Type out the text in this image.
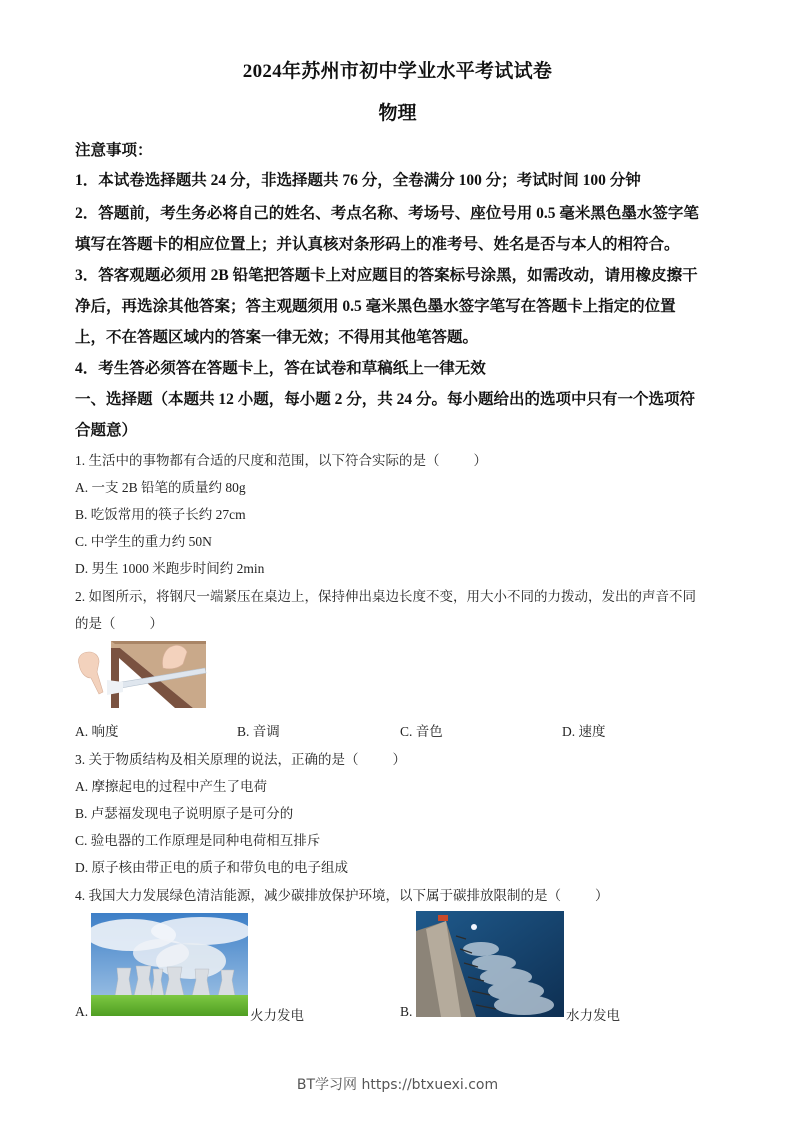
2024年苏州市初中学业水平考试试卷
物理
注意事项：
1．本试卷选择题共 24 分，非选择题共 76 分，全卷满分 100 分；考试时间 100 分钟
2．答题前，考生务必将自己的姓名、考点名称、考场号、座位号用 0.5 毫米黑色墨水签字笔
填写在答题卡的相应位置上；并认真核对条形码上的准考号、姓名是否与本人的相符合。
3．答客观题必须用 2B 铅笔把答题卡上对应题目的答案标号涂黑，如需改动，请用橡皮擦干
净后，再选涂其他答案；答主观题须用 0.5 毫米黑色墨水签字笔写在答题卡上指定的位置
上，不在答题区域内的答案一律无效；不得用其他笔答题。
4．考生答必须答在答题卡上，答在试卷和草稿纸上一律无效
一、选择题（本题共 12 小题，每小题 2 分，共 24 分。每小题给出的选项中只有一个选项符
合题意）
1. 生活中的事物都有合适的尺度和范围，以下符合实际的是（	）
A. 一支 2B 铅笔的质量约 80g
B. 吃饭常用的筷子长约 27cm
C. 中学生的重力约 50N
D. 男生 1000 米跑步时间约 2min
2. 如图所示，将钢尺一端紧压在桌边上，保持伸出桌边长度不变，用大小不同的力拨动，发出的声音不同
的是（	）
A. 响度	B. 音调	C. 音色	D. 速度
3. 关于物质结构及相关原理的说法，正确的是（	）
A. 摩擦起电的过程中产生了电荷
B. 卢瑟福发现电子说明原子是可分的
C. 验电器的工作原理是同种电荷相互排斥
D. 原子核由带正电的质子和带负电的电子组成
4. 我国大力发展绿色清洁能源，减少碳排放保护环境，以下属于碳排放限制的是（	）
A.	火力发电	B.	水力发电
BT学习网 https://btxuexi.com
